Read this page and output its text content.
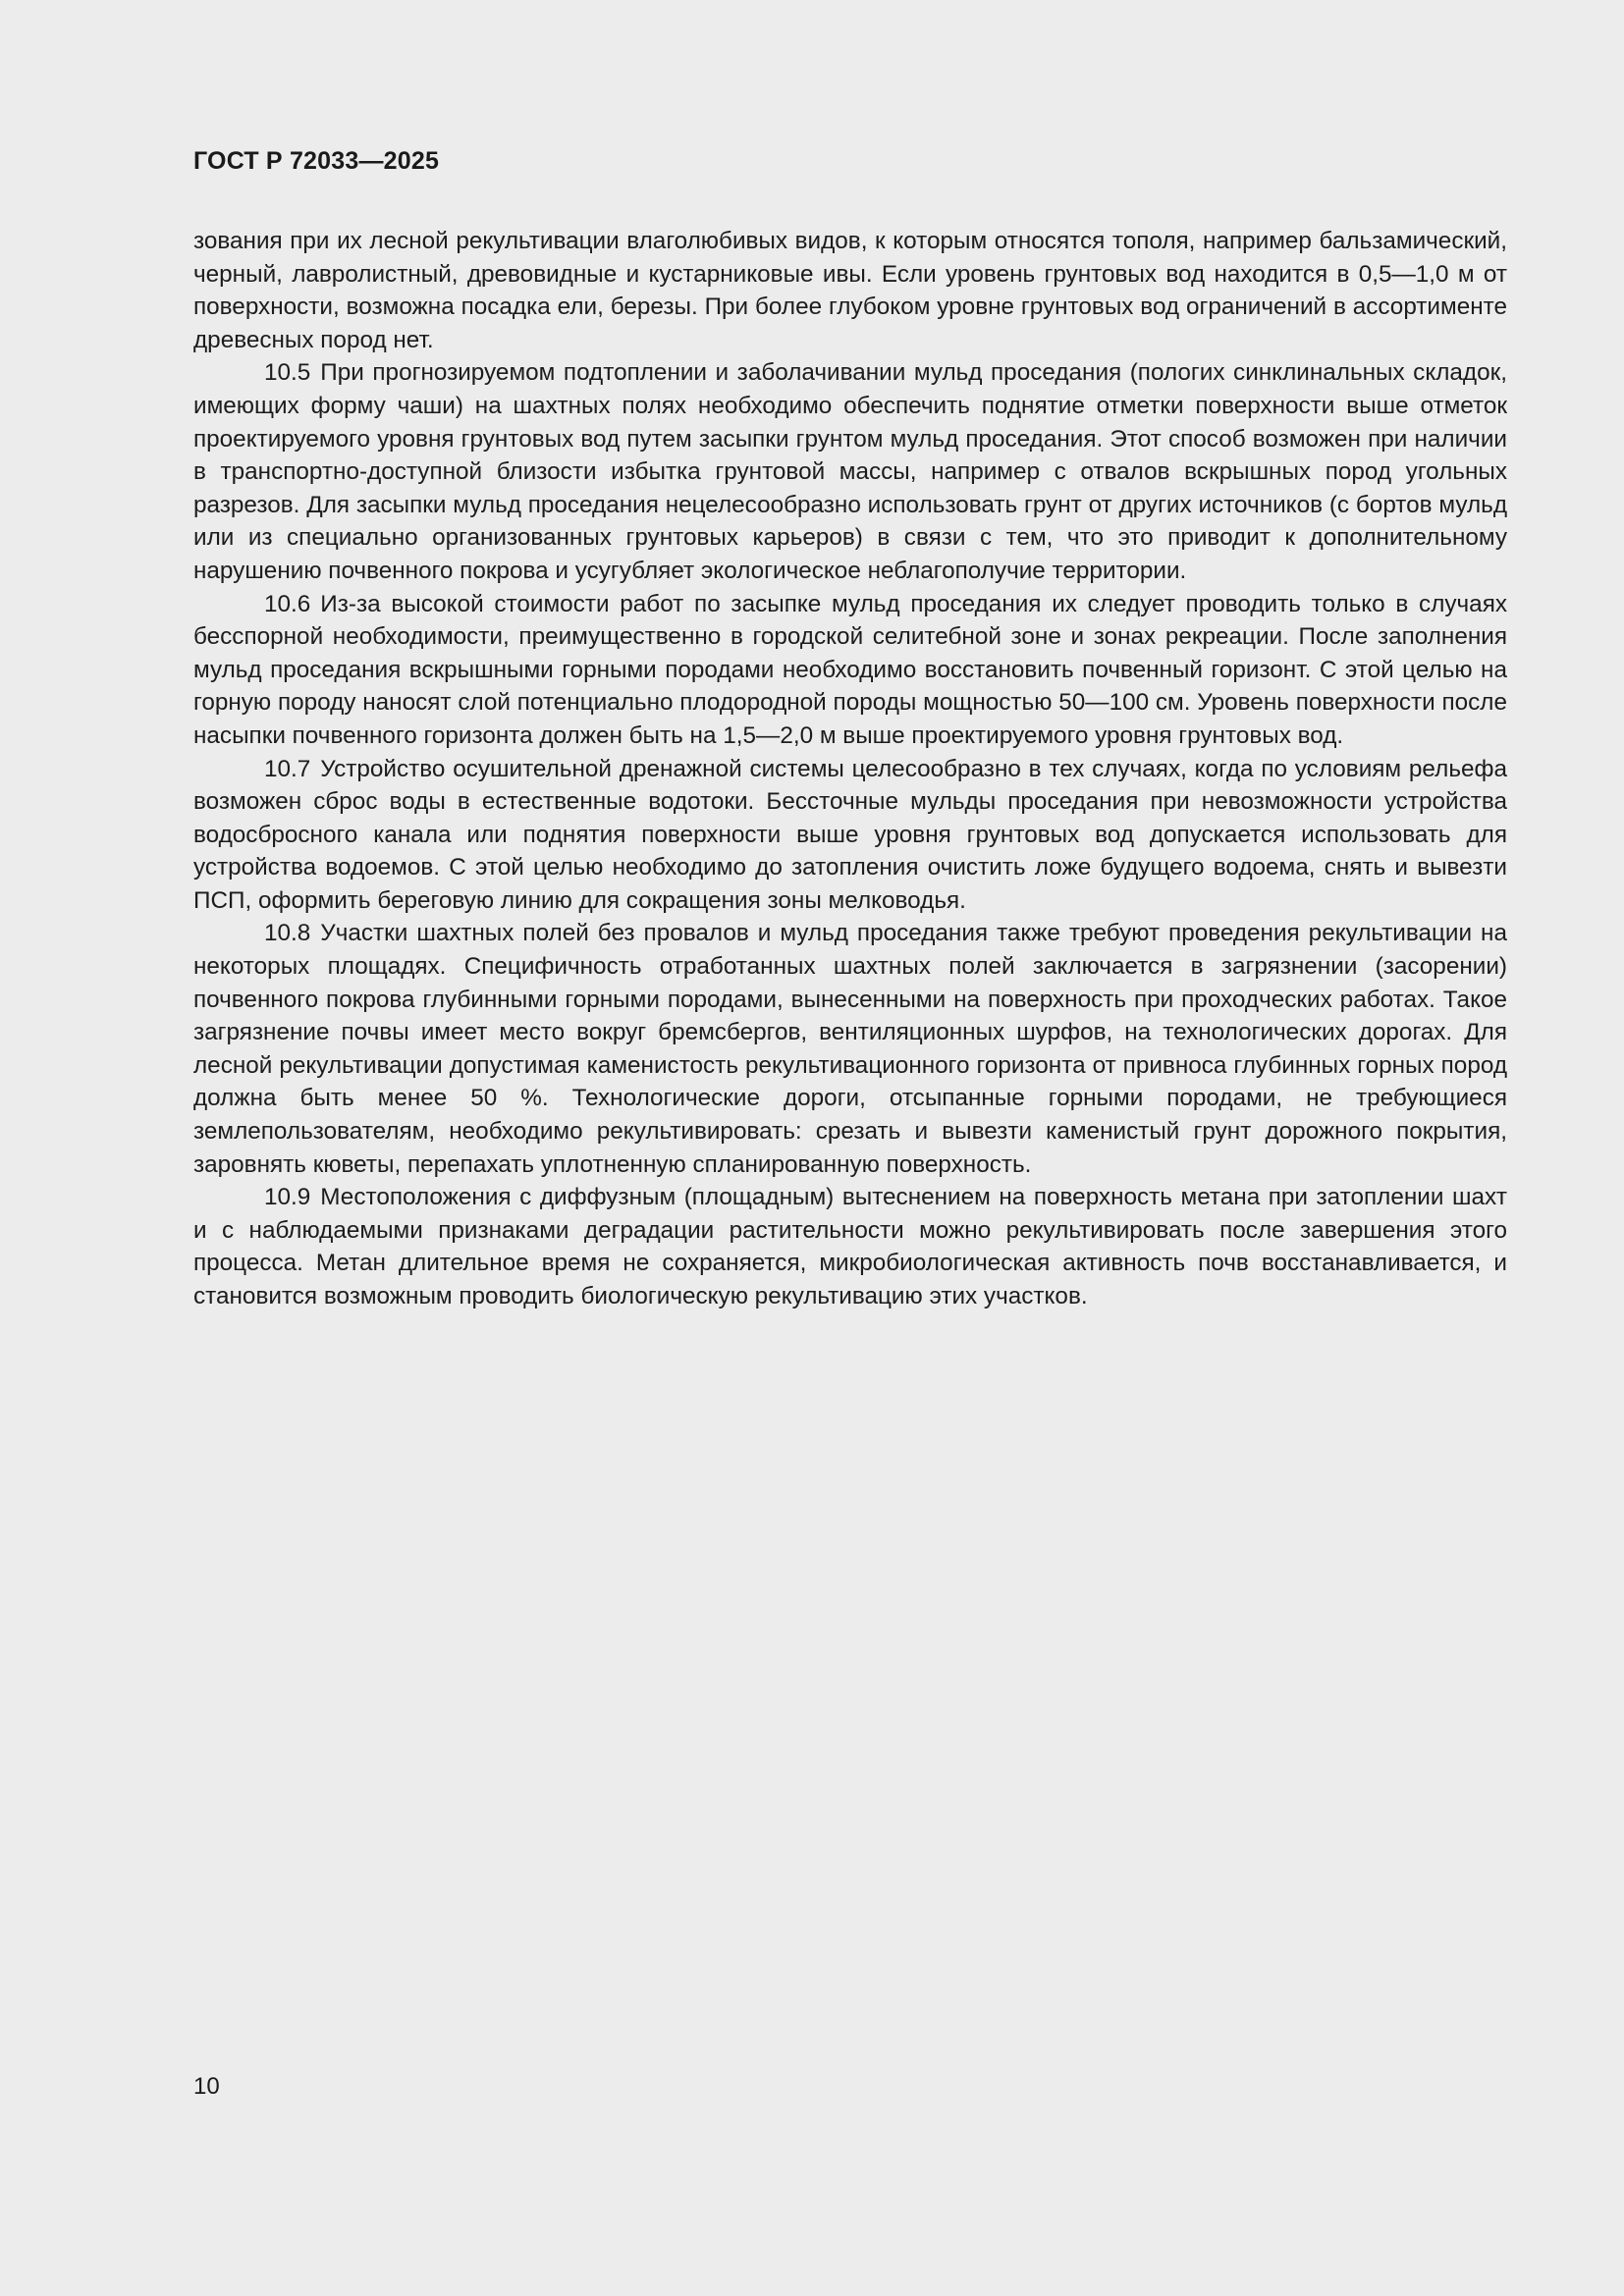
ГОСТ Р 72033—2025

зования при их лесной рекультивации влаголюбивых видов, к которым относятся тополя, например бальзамический, черный, лавролистный, древовидные и кустарниковые ивы. Если уровень грунтовых вод находится в 0,5—1,0 м от поверхности, возможна посадка ели, березы. При более глубоком уровне грунтовых вод ограничений в ассортименте древесных пород нет.

10.5 При прогнозируемом подтоплении и заболачивании мульд проседания (пологих синклинальных складок, имеющих форму чаши) на шахтных полях необходимо обеспечить поднятие отметки поверхности выше отметок проектируемого уровня грунтовых вод путем засыпки грунтом мульд проседания. Этот способ возможен при наличии в транспортно-доступной близости избытка грунтовой массы, например с отвалов вскрышных пород угольных разрезов. Для засыпки мульд проседания нецелесообразно использовать грунт от других источников (с бортов мульд или из специально организованных грунтовых карьеров) в связи с тем, что это приводит к дополнительному нарушению почвенного покрова и усугубляет экологическое неблагополучие территории.

10.6 Из-за высокой стоимости работ по засыпке мульд проседания их следует проводить только в случаях бесспорной необходимости, преимущественно в городской селитебной зоне и зонах рекреации. После заполнения мульд проседания вскрышными горными породами необходимо восстановить почвенный горизонт. С этой целью на горную породу наносят слой потенциально плодородной породы мощностью 50—100 см. Уровень поверхности после насыпки почвенного горизонта должен быть на 1,5—2,0 м выше проектируемого уровня грунтовых вод.

10.7 Устройство осушительной дренажной системы целесообразно в тех случаях, когда по условиям рельефа возможен сброс воды в естественные водотоки. Бессточные мульды проседания при невозможности устройства водосбросного канала или поднятия поверхности выше уровня грунтовых вод допускается использовать для устройства водоемов. С этой целью необходимо до затопления очистить ложе будущего водоема, снять и вывезти ПСП, оформить береговую линию для сокращения зоны мелководья.

10.8 Участки шахтных полей без провалов и мульд проседания также требуют проведения рекультивации на некоторых площадях. Специфичность отработанных шахтных полей заключается в загрязнении (засорении) почвенного покрова глубинными горными породами, вынесенными на поверхность при проходческих работах. Такое загрязнение почвы имеет место вокруг бремсбергов, вентиляционных шурфов, на технологических дорогах. Для лесной рекультивации допустимая каменистость рекультивационного горизонта от привноса глубинных горных пород должна быть менее 50 %. Технологические дороги, отсыпанные горными породами, не требующиеся землепользователям, необходимо рекультивировать: срезать и вывезти каменистый грунт дорожного покрытия, заровнять кюветы, перепахать уплотненную спланированную поверхность.

10.9 Местоположения с диффузным (площадным) вытеснением на поверхность метана при затоплении шахт и с наблюдаемыми признаками деградации растительности можно рекультивировать после завершения этого процесса. Метан длительное время не сохраняется, микробиологическая активность почв восстанавливается, и становится возможным проводить биологическую рекультивацию этих участков.

10
